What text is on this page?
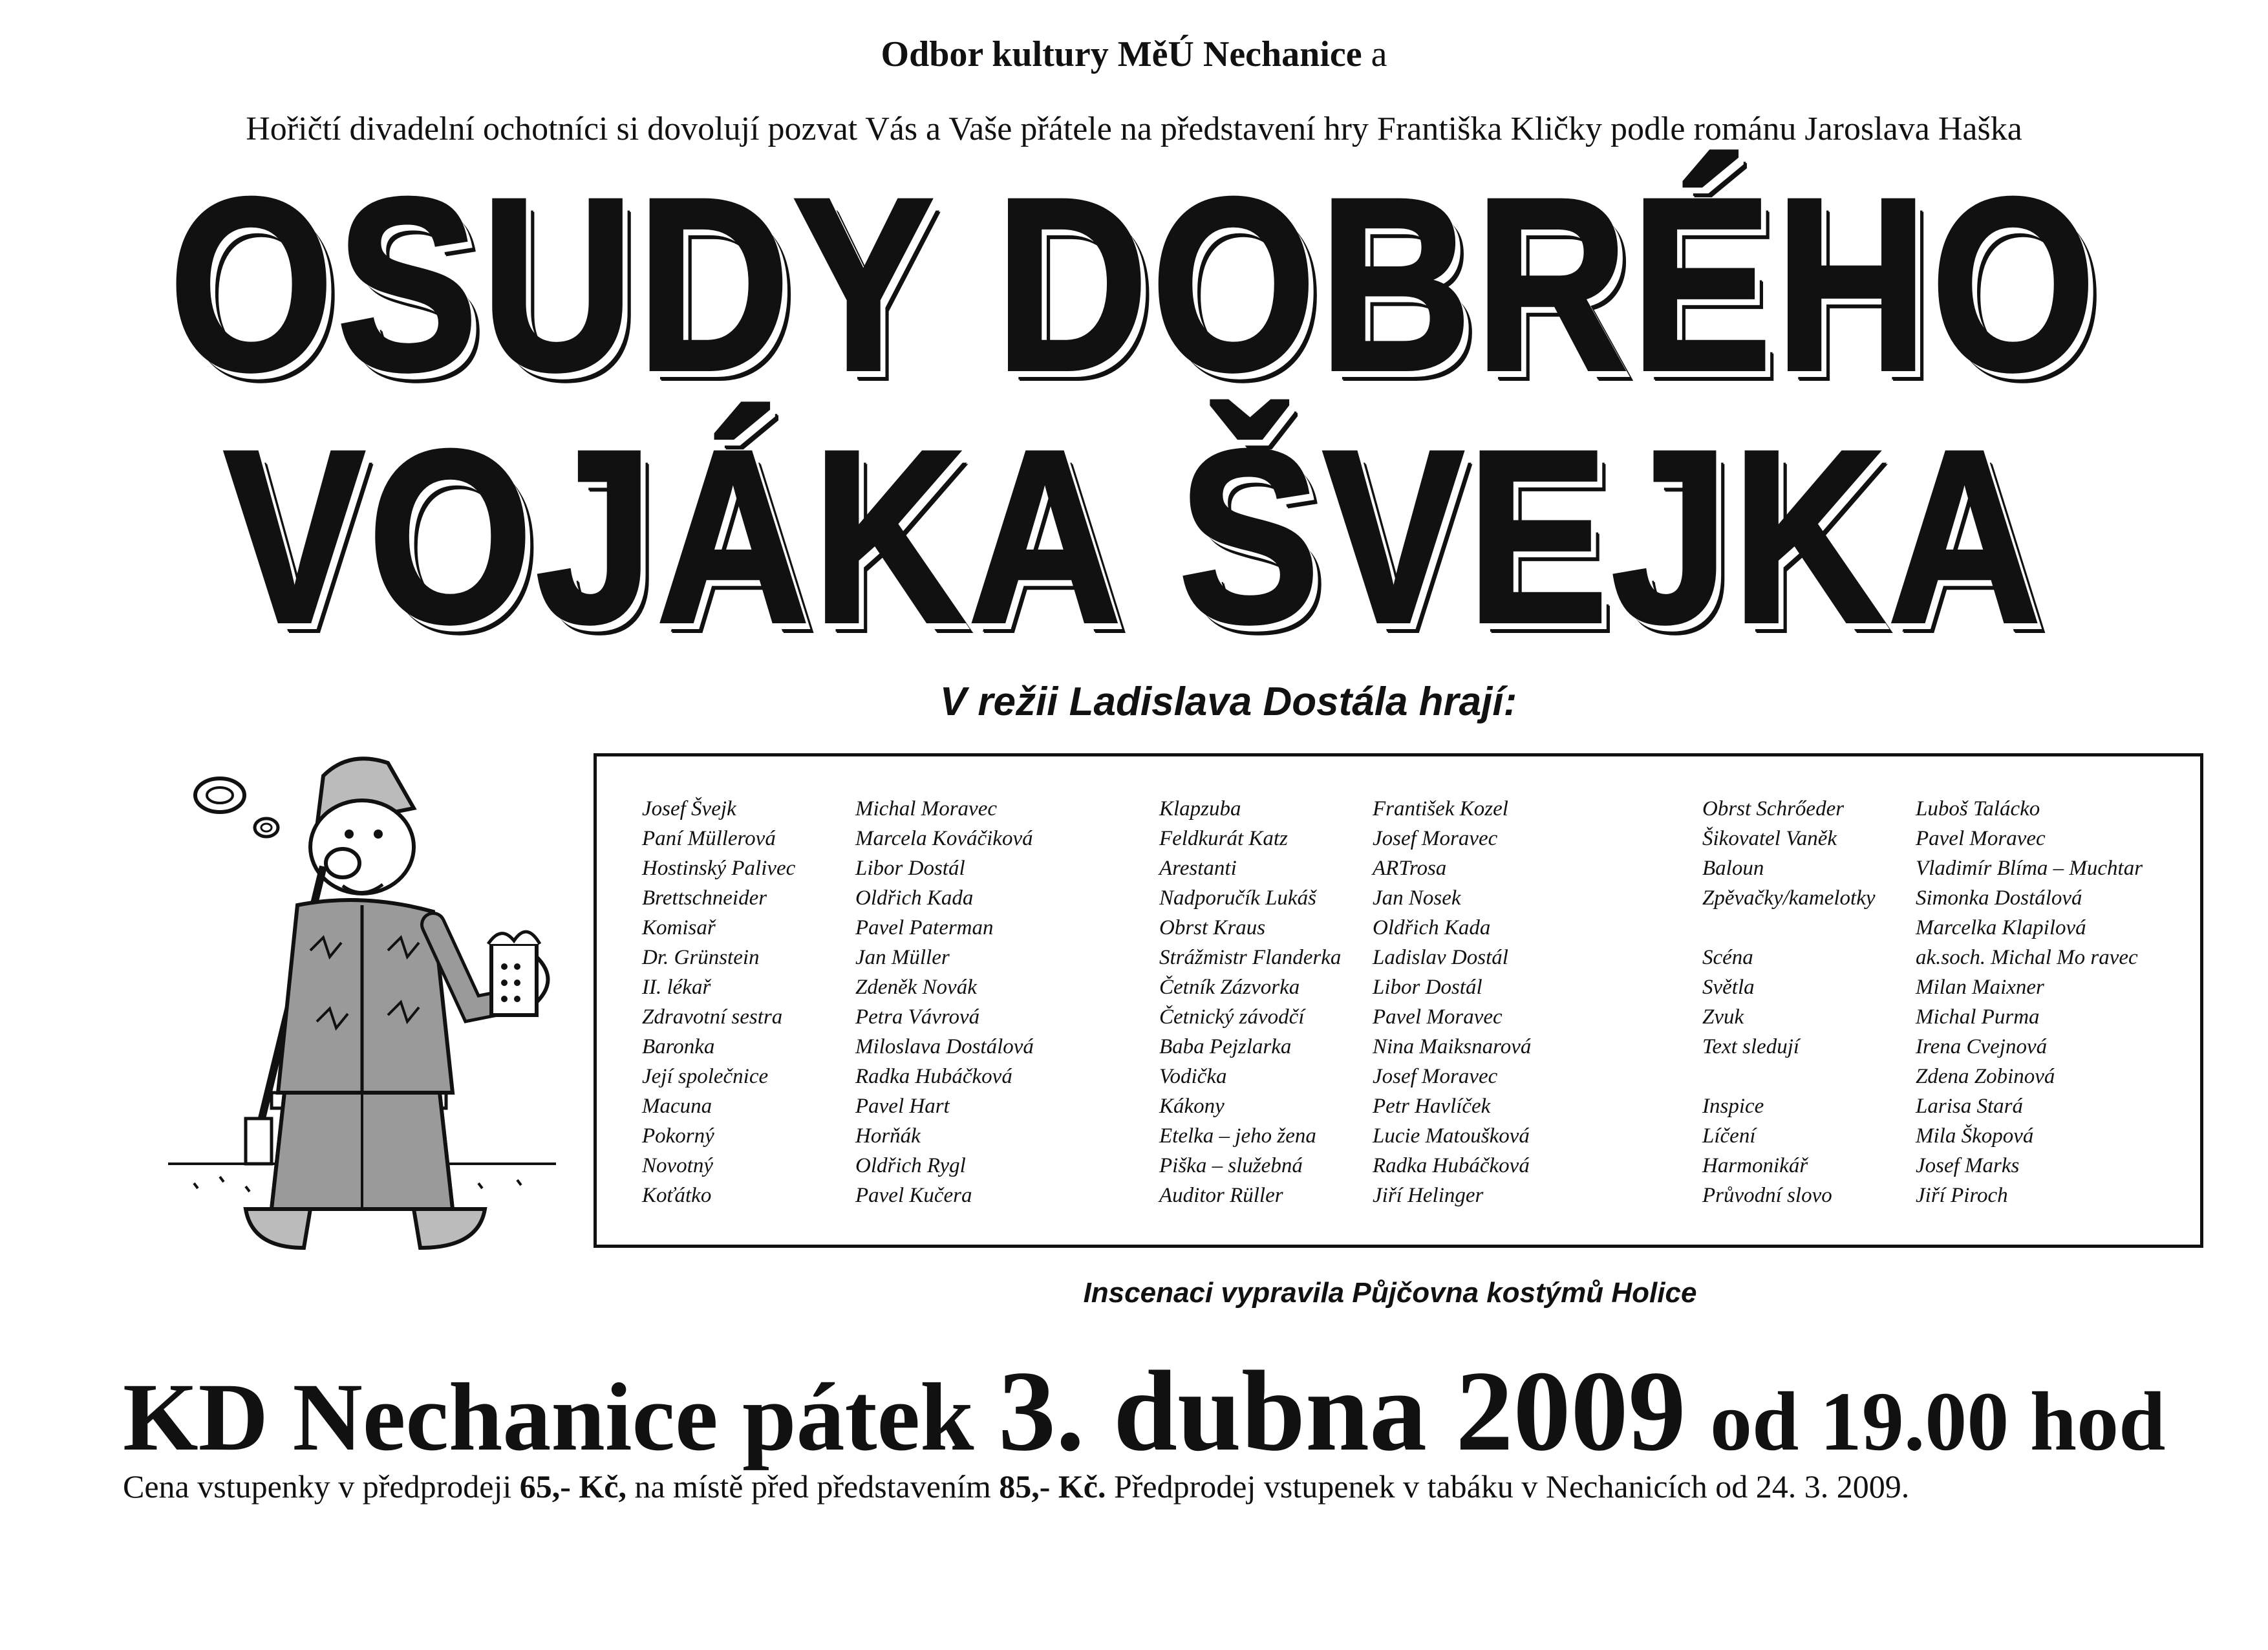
Odbor kultury MěÚ Nechanice a
Hořičtí divadelní ochotníci si dovolují pozvat Vás a Vaše přátele na představení hry Františka Kličky podle románu Jaroslava Haška
OSUDY DOBRÉHO
VOJÁKA ŠVEJKA
V režii Ladislava Dostála hrají:
Josef Švejk
Paní Müllerová
Hostinský Palivec
Brettschneider
Komisař
Dr. Grünstein
II. lékař
Zdravotní sestra
Baronka
Její společnice
Macuna
Pokorný
Novotný
Koťátko
Michal Moravec
Marcela Kováčiková
Libor Dostál
Oldřich Kada
Pavel Paterman
Jan Müller
Zdeněk Novák
Petra Vávrová
Miloslava Dostálová
Radka Hubáčková
Pavel Hart
Horňák
Oldřich Rygl
Pavel Kučera
Klapzuba
Feldkurát Katz
Arestanti
Nadporučík Lukáš
Obrst Kraus
Strážmistr Flanderka
Četník Zázvorka
Četnický závodčí
Baba Pejzlarka
Vodička
Kákony
Etelka – jeho žena
Piška – služebná
Auditor Rüller
František Kozel
Josef Moravec
ARTrosa
Jan Nosek
Oldřich Kada
Ladislav Dostál
Libor Dostál
Pavel Moravec
Nina Maiksnarová
Josef Moravec
Petr Havlíček
Lucie Matoušková
Radka Hubáčková
Jiří Helinger
Obrst Schrőeder
Šikovatel Vaněk
Baloun
Zpěvačky/kamelotky
Scéna
Světla
Zvuk
Text sledují
Inspice
Líčení
Harmonikář
Průvodní slovo
Luboš Talácko
Pavel Moravec
Vladimír Blíma – Muchtar
Simonka Dostálová
Marcelka Klapilová
ak.soch. Michal Mo ravec
Milan Maixner
Michal Purma
Irena Cvejnová
Zdena Zobinová
Larisa Stará
Mila Škopová
Josef Marks
Jiří Piroch
Inscenaci vypravila Půjčovna kostýmů Holice
KD Nechanice pátek 3. dubna 2009 od 19.00 hod
Cena vstupenky v předprodeji 65,- Kč, na místě před představením 85,- Kč. Předprodej vstupenek v tabáku v Nechanicích od 24. 3. 2009.
